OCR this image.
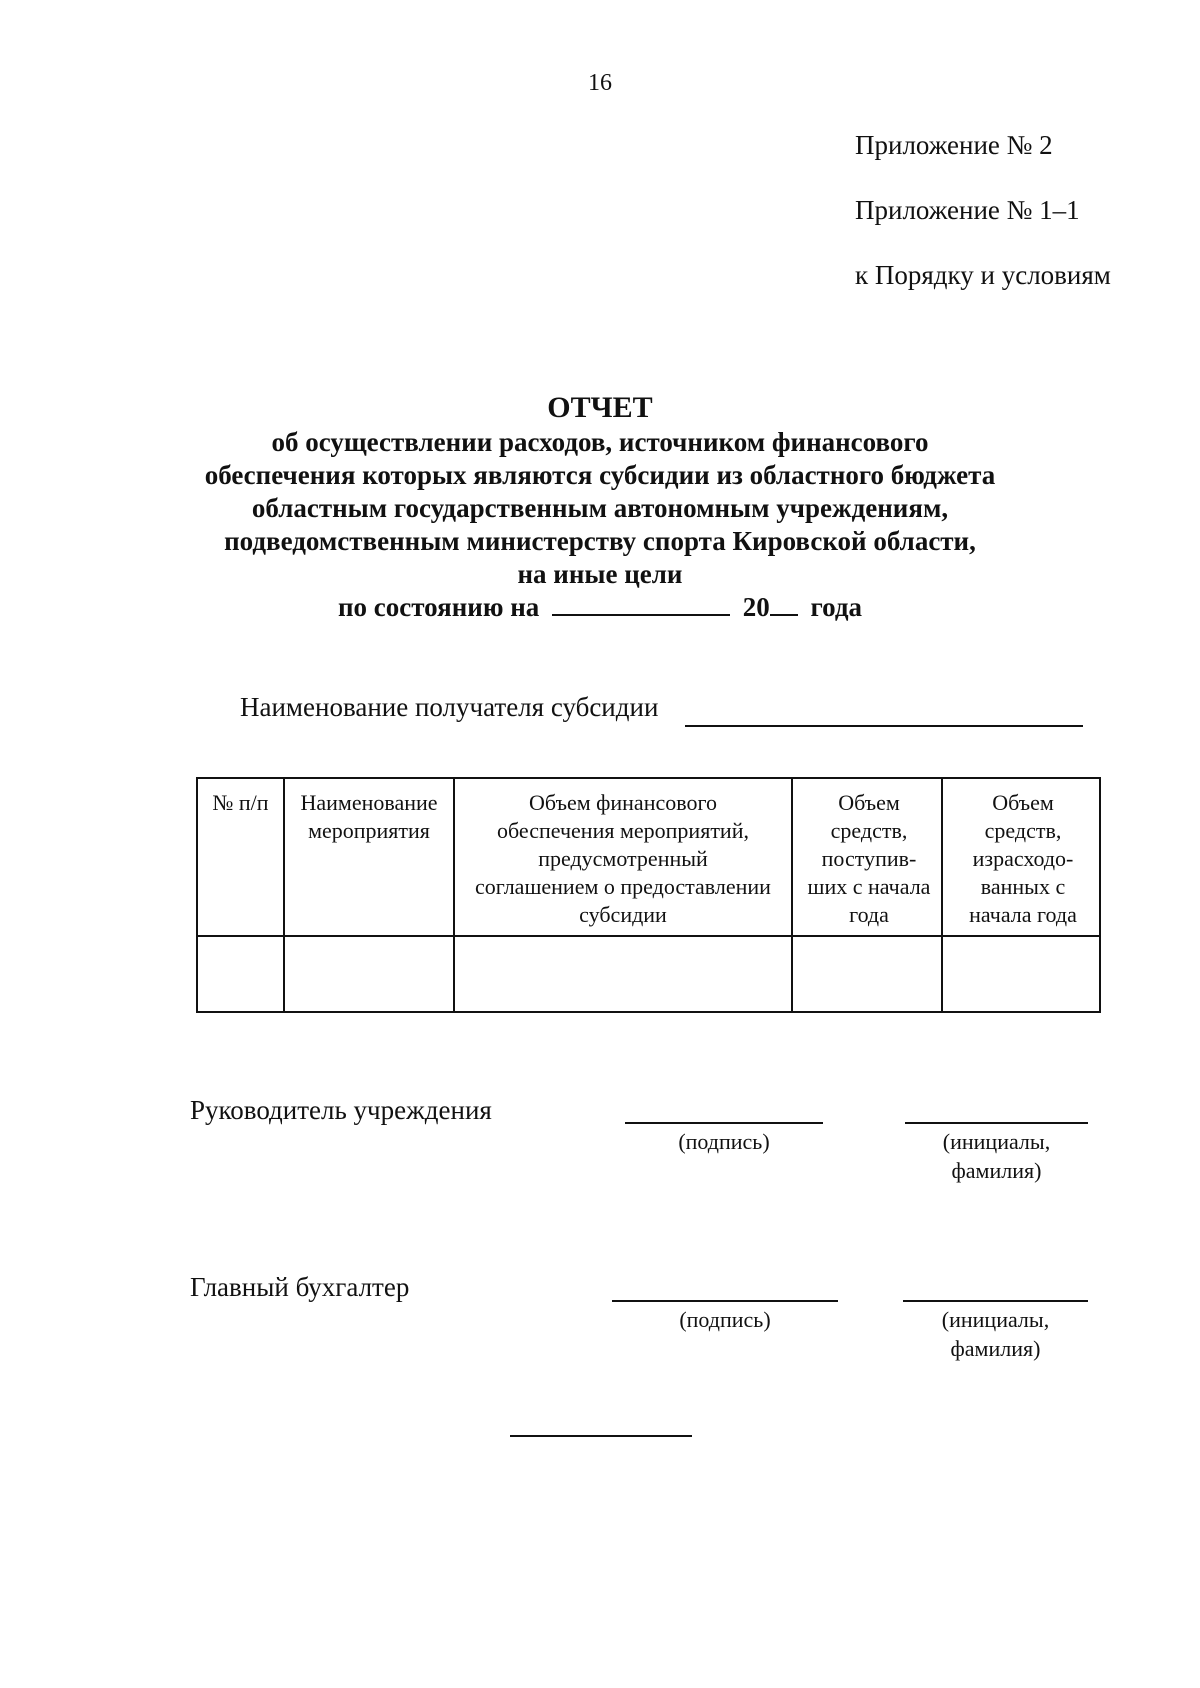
16
Приложение № 2
Приложение № 1–1
к Порядку и условиям
ОТЧЕТ
об осуществлении расходов, источником финансового
обеспечения которых являются субсидии из областного бюджета
областным государственным автономным учреждениям,
подведомственным министерству спорта Кировской области,
на иные цели
по состоянию на	20 года
Наименование получателя субсидии
№ п/п	Наименование мероприятия	Объем финансового обеспечения мероприятий, предусмотренный соглашением о предоставлении субсидии	Объем средств, поступив-ших с начала года	Объем средств, израсходо-ванных с начала года

Руководитель учреждения
(подпись)	(инициалы,
фамилия)
Главный бухгалтер
(подпись)	(инициалы,
фамилия)
